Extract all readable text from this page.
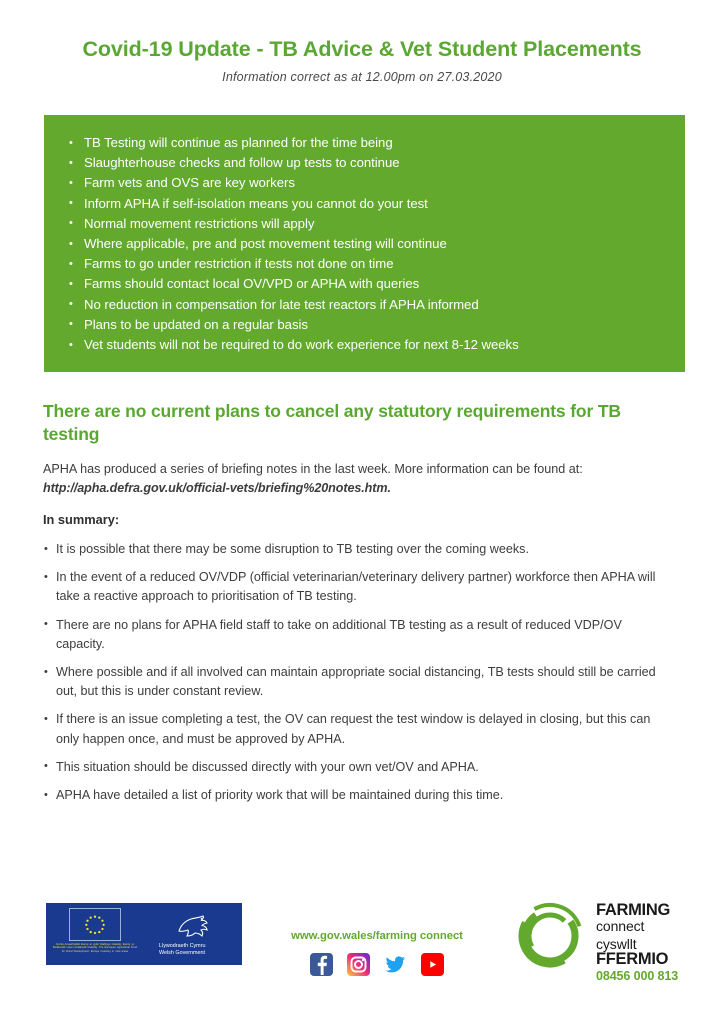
Covid-19 Update - TB Advice & Vet Student Placements

Information correct as at 12.00pm on 27.03.2020

• TB Testing will continue as planned for the time being
• Slaughterhouse checks and follow up tests to continue
• Farm vets and OVS are key workers
• Inform APHA if self-isolation means you cannot do your test
• Normal movement restrictions will apply
• Where applicable, pre and post movement testing will continue
• Farms to go under restriction if tests not done on time
• Farms should contact local OV/VPD or APHA with queries
• No reduction in compensation for late test reactors if APHA informed
• Plans to be updated on a regular basis
• Vet students will not be required to do work experience for next 8-12 weeks
There are no current plans to cancel any statutory requirements for TB testing
APHA has produced a series of briefing notes in the last week. More information can be found at:
http://apha.defra.gov.uk/official-vets/briefing%20notes.htm.
In summary:
• It is possible that there may be some disruption to TB testing over the coming weeks.
• In the event of a reduced OV/VDP (official veterinarian/veterinary delivery partner) workforce then APHA will take a reactive approach to prioritisation of TB testing.
• There are no plans for APHA field staff to take on additional TB testing as a result of reduced VDP/OV capacity.
• Where possible and if all involved can maintain appropriate social distancing, TB tests should still be carried out, but this is under constant review.
• If there is an issue completing a test, the OV can request the test window is delayed in closing, but this can only happen once, and must be approved by APHA.
• This situation should be discussed directly with your own vet/OV and APHA.
• APHA have detailed a list of priority work that will be maintained during this time.
Cronfa Amaethyddol Ewrop ar gyfer Datblygu Gwledig: Ewrop yn Buddsoddi mewn Ardaloedd Gwledig. The European Agricultural Fund for Rural Development: Europe investing in rural areas
Llywodraeth Cymru
Welsh Government
www.gov.wales/farming connect
FARMING
connect
cyswllt
FFERMIO
08456 000 813
